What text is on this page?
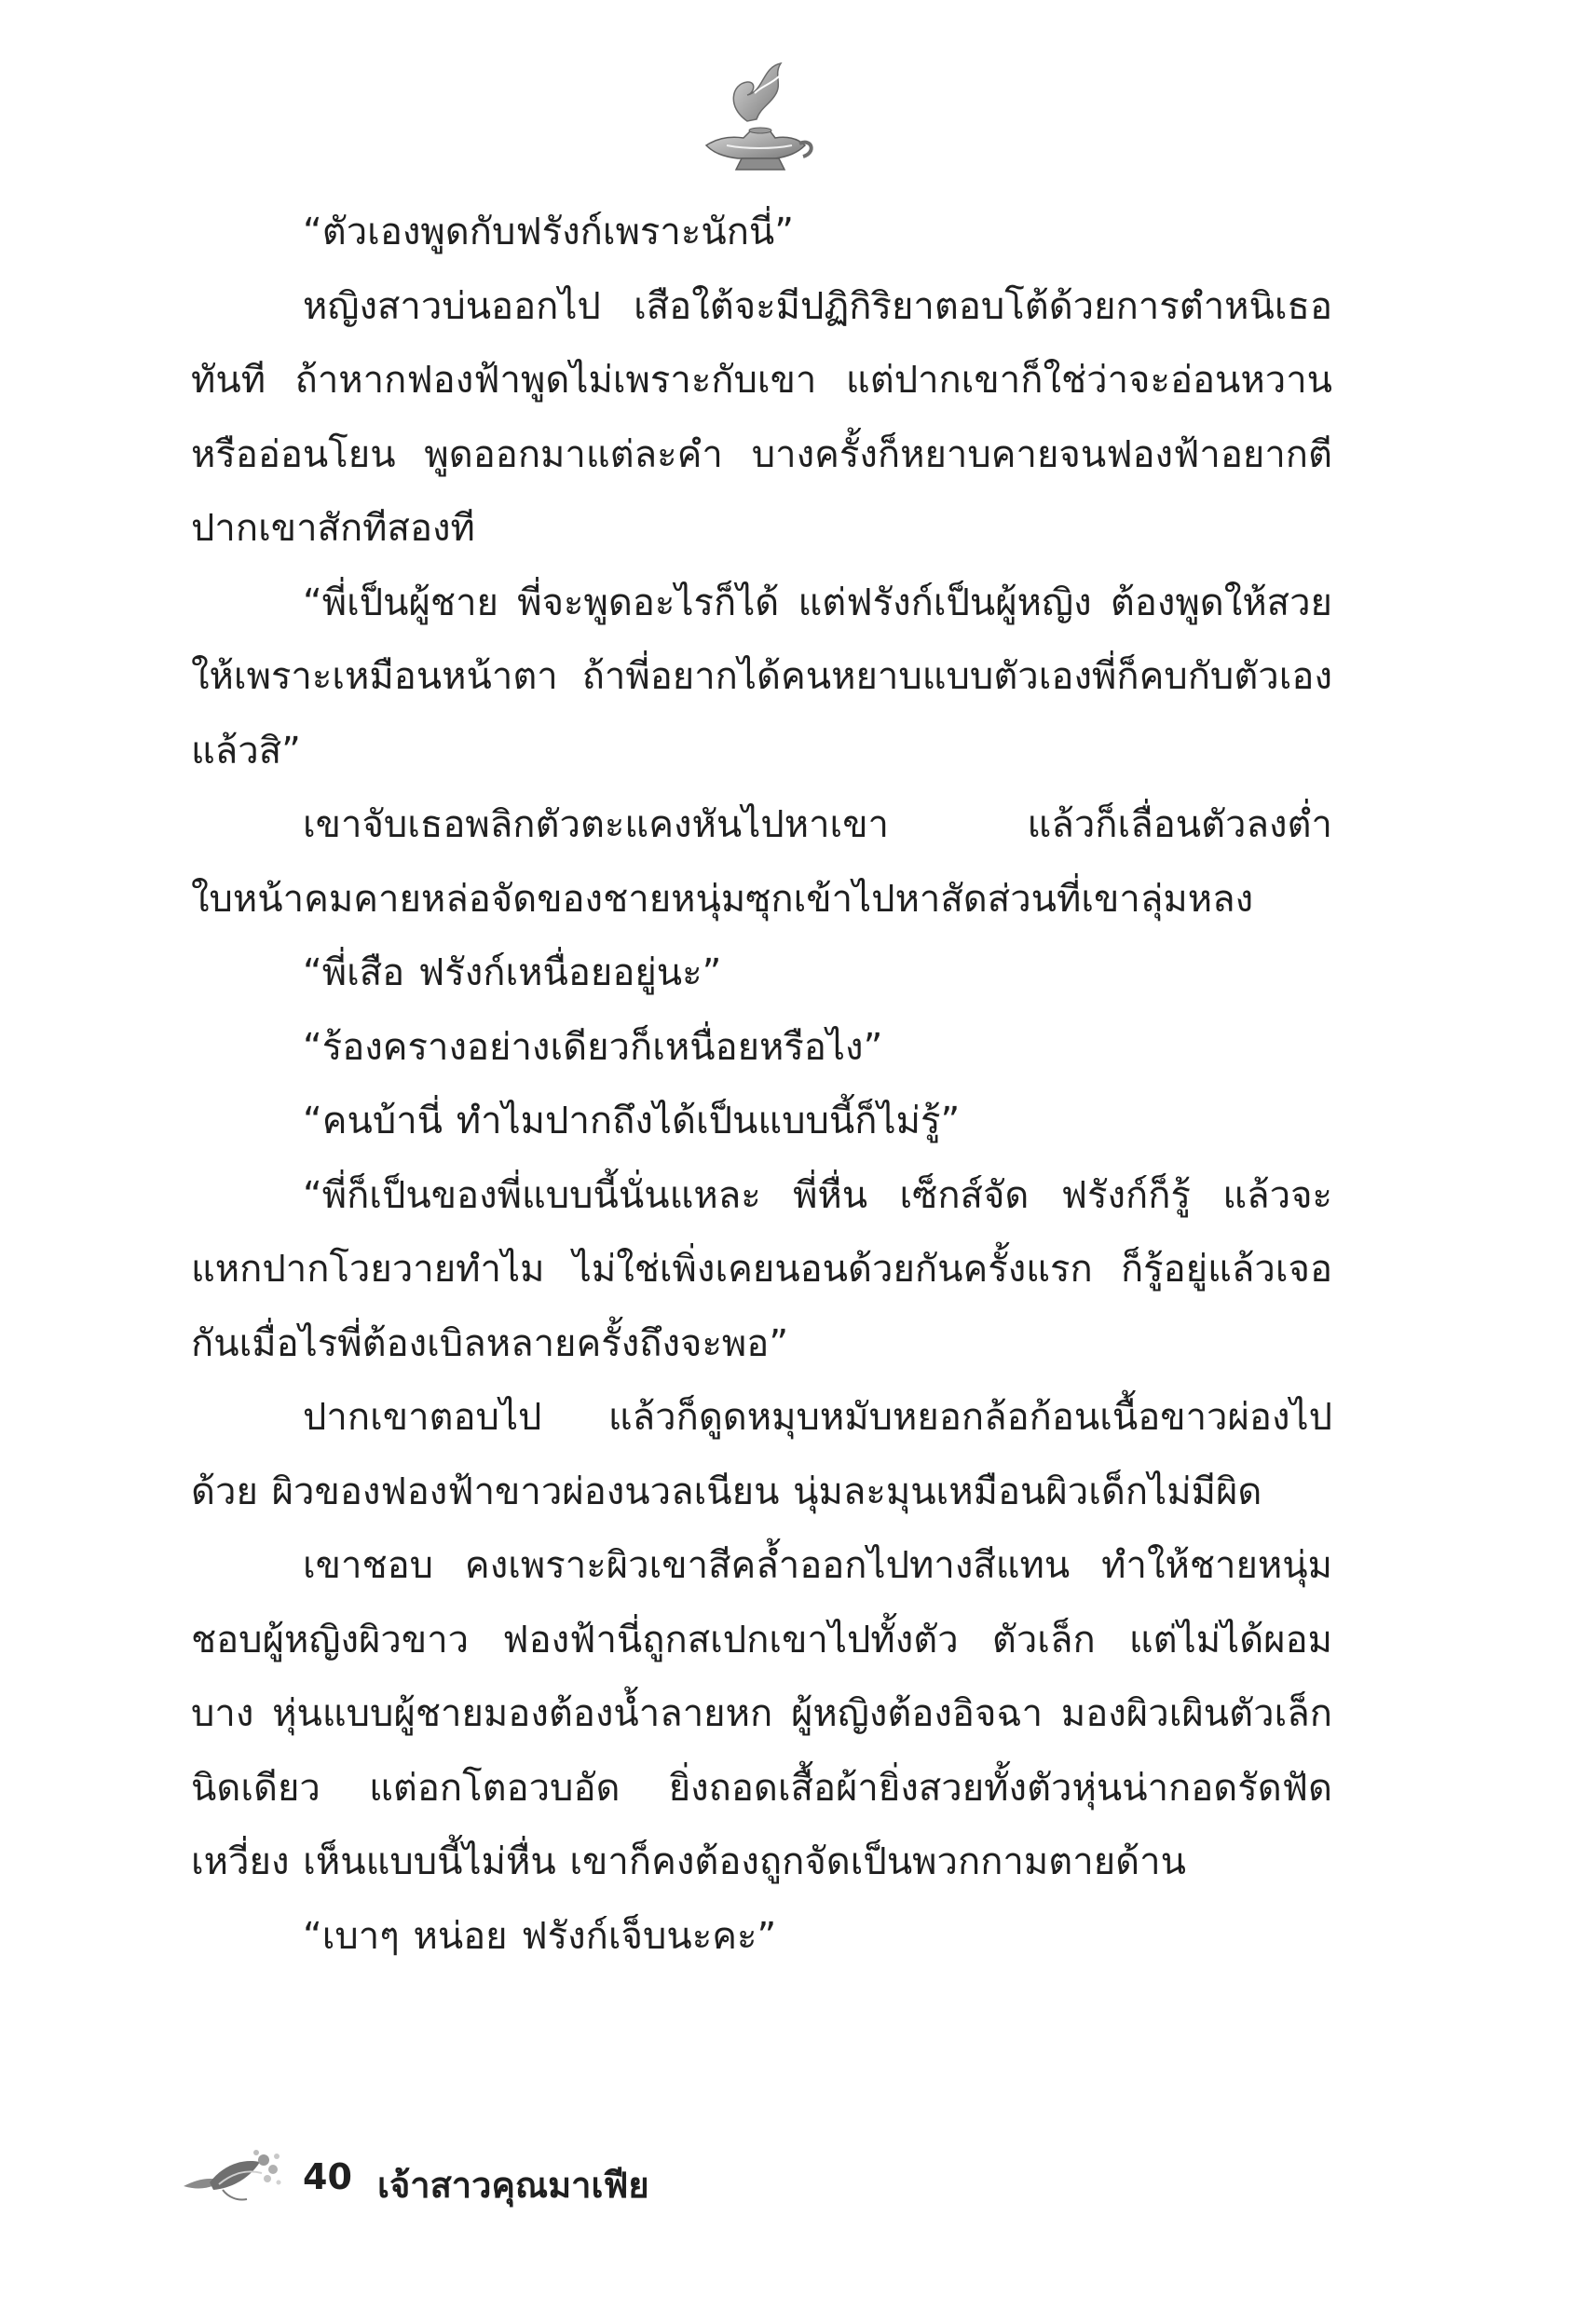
“ตัวเองพูดกับฟรังก์เพราะนักนี่”

หญิงสาวบ่นออกไป เสือใต้จะมีปฏิกิริยาตอบโต้ด้วยการตำหนิเธอทันที ถ้าหากฟองฟ้าพูดไม่เพราะกับเขา แต่ปากเขาก็ใช่ว่าจะอ่อนหวานหรืออ่อนโยน พูดออกมาแต่ละคำ บางครั้งก็หยาบคายจนฟองฟ้าอยากตีปากเขาสักทีสองที

“พี่เป็นผู้ชาย พี่จะพูดอะไรก็ได้ แต่ฟรังก์เป็นผู้หญิง ต้องพูดให้สวยให้เพราะเหมือนหน้าตา ถ้าพี่อยากได้คนหยาบแบบตัวเองพี่ก็คบกับตัวเองแล้วสิ”

เขาจับเธอพลิกตัวตะแคงหันไปหาเขา แล้วก็เลื่อนตัวลงต่ำ ใบหน้าคมคายหล่อจัดของชายหนุ่มซุกเข้าไปหาสัดส่วนที่เขาลุ่มหลง

“พี่เสือ ฟรังก์เหนื่อยอยู่นะ”

“ร้องครางอย่างเดียวก็เหนื่อยหรือไง”

“คนบ้านี่ ทำไมปากถึงได้เป็นแบบนี้ก็ไม่รู้”

“พี่ก็เป็นของพี่แบบนี้นั่นแหละ พี่หื่น เซ็กส์จัด ฟรังก์ก็รู้ แล้วจะแหกปากโวยวายทำไม ไม่ใช่เพิ่งเคยนอนด้วยกันครั้งแรก ก็รู้อยู่แล้วเจอกันเมื่อไรพี่ต้องเบิลหลายครั้งถึงจะพอ”

ปากเขาตอบไป แล้วก็ดูดหมุบหมับหยอกล้อก้อนเนื้อขาวผ่องไปด้วย ผิวของฟองฟ้าขาวผ่องนวลเนียน นุ่มละมุนเหมือนผิวเด็กไม่มีผิด

เขาชอบ คงเพราะผิวเขาสีคล้ำออกไปทางสีแทน ทำให้ชายหนุ่มชอบผู้หญิงผิวขาว ฟองฟ้านี่ถูกสเปกเขาไปทั้งตัว ตัวเล็ก แต่ไม่ได้ผอมบาง หุ่นแบบผู้ชายมองต้องน้ำลายหก ผู้หญิงต้องอิจฉา มองผิวเผินตัวเล็กนิดเดียว แต่อกโตอวบอัด ยิ่งถอดเสื้อผ้ายิ่งสวยทั้งตัวหุ่นน่ากอดรัดฟัดเหวี่ยง เห็นแบบนี้ไม่หื่น เขาก็คงต้องถูกจัดเป็นพวกกามตายด้าน

“เบาๆ หน่อย ฟรังก์เจ็บนะคะ”

40 เจ้าสาวคุณมาเฟีย
